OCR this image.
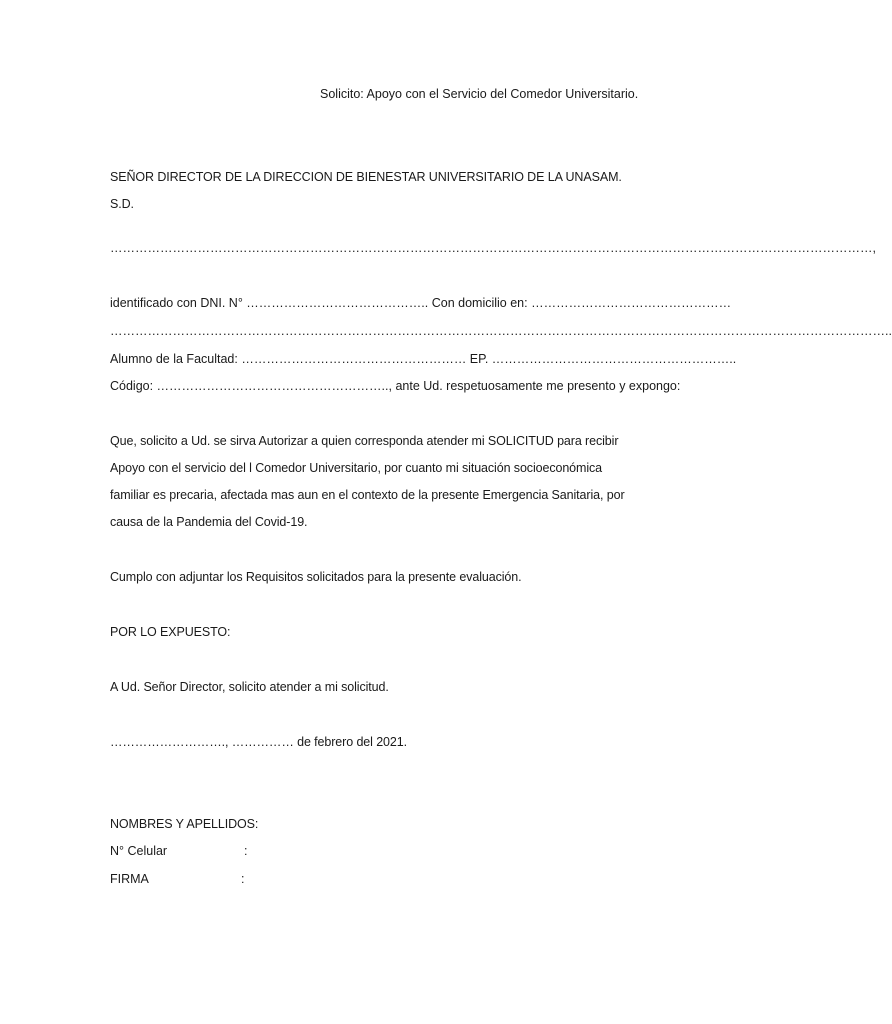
Solicito: Apoyo con el Servicio del Comedor Universitario.
SEÑOR DIRECTOR DE LA DIRECCION DE BIENESTAR UNIVERSITARIO DE LA UNASAM.
S.D.
…………………………………………………………………………………………………………………………………………………………………,
identificado con DNI. N° …………………………………….. Con domicilio en: …………………………………………
……………………………………………………………………………………………………………………………………………………………………..
Alumno de la Facultad: ……………………………………………… EP. …………………………………………………..
Código: ……………………………………………….., ante Ud. respetuosamente me presento y expongo:
Que, solicito a Ud. se sirva Autorizar a quien corresponda atender mi SOLICITUD para recibir
Apoyo con el servicio del l Comedor Universitario, por cuanto mi situación socioeconómica
familiar es precaria, afectada mas aun en el contexto de la presente Emergencia Sanitaria, por
causa de la Pandemia del Covid-19.
Cumplo con adjuntar los Requisitos solicitados para la presente evaluación.
POR LO EXPUESTO:
A Ud. Señor Director, solicito atender a mi solicitud.
………………………., …………… de febrero del 2021.
NOMBRES Y APELLIDOS:
N° Celular	:
FIRMA	:
